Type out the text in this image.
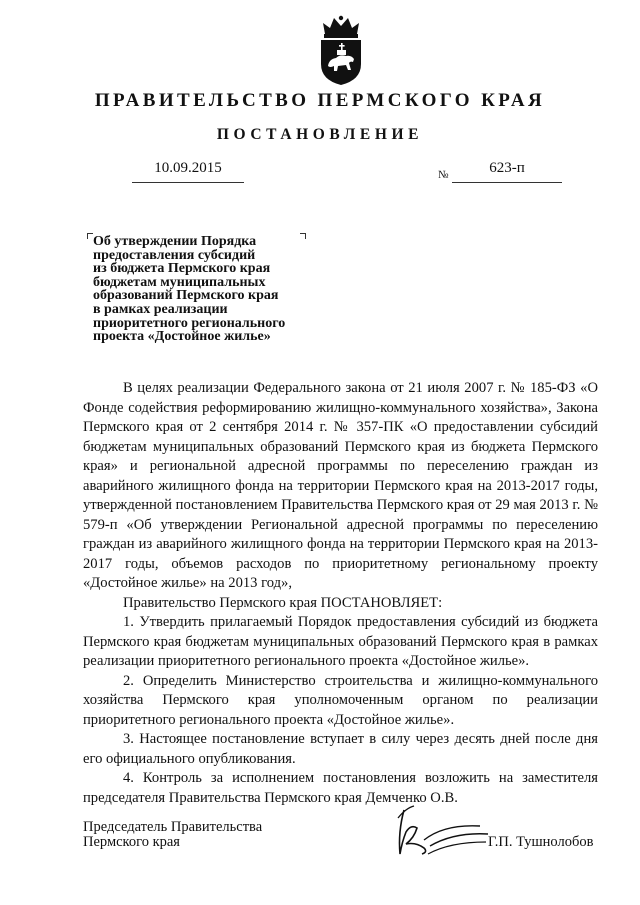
ПРАВИТЕЛЬСТВО ПЕРМСКОГО КРАЯ
ПОСТАНОВЛЕНИЕ
10.09.2015	№	623-п
Об утверждении Порядка
предоставления субсидий
из бюджета Пермского края
бюджетам муниципальных
образований Пермского края
в рамках реализации
приоритетного регионального
проекта «Достойное жилье»

В целях реализации Федерального закона от 21 июля 2007 г. № 185-ФЗ «О Фонде содействия реформированию жилищно-коммунального хозяйства», Закона Пермского края от 2 сентября 2014 г. № 357-ПК «О предоставлении субсидий бюджетам муниципальных образований Пермского края из бюджета Пермского края» и региональной адресной программы по переселению граждан из аварийного жилищного фонда на территории Пермского края на 2013-2017 годы, утвержденной постановлением Правительства Пермского края от 29 мая 2013 г. № 579-п «Об утверждении Региональной адресной программы по переселению граждан из аварийного жилищного фонда на территории Пермского края на 2013-2017 годы, объемов расходов по приоритетному региональному проекту «Достойное жилье» на 2013 год»,

Правительство Пермского края ПОСТАНОВЛЯЕТ:

1. Утвердить прилагаемый Порядок предоставления субсидий из бюджета Пермского края бюджетам муниципальных образований Пермского края в рамках реализации приоритетного регионального проекта «Достойное жилье».

2. Определить Министерство строительства и жилищно-коммунального хозяйства Пермского края уполномоченным органом по реализации приоритетного регионального проекта «Достойное жилье».

3. Настоящее постановление вступает в силу через десять дней после дня его официального опубликования.

4. Контроль за исполнением постановления возложить на заместителя председателя Правительства Пермского края Демченко О.В.

Председатель Правительства
Пермского края	Г.П. Тушнолобов
